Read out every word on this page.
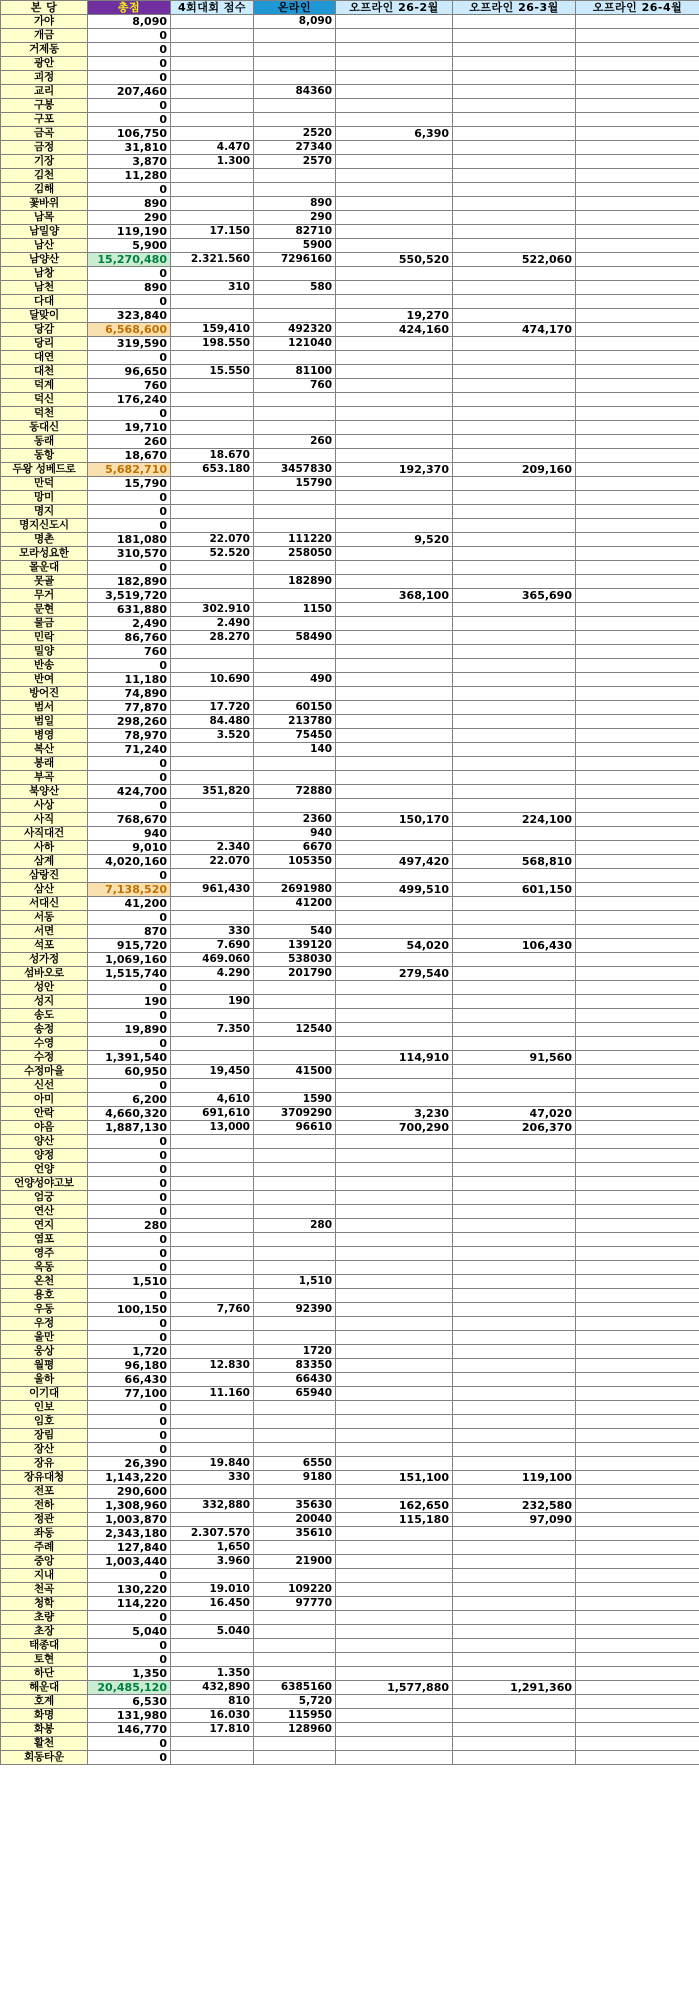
본 당	총점	4회대회 점수	온라인	오프라인 26-2월	오프라인 26-3월	오프라인 26-4월
가야	8,090		8,090			
개금	0					
거제동	0					
광안	0					
괴정	0					
교리	207,460		84360			
구봉	0					
구포	0					
금곡	106,750		2520	6,390		
금정	31,810	4.470	27340			
기장	3,870	1.300	2570			
김천	11,280					
김해	0					
꽃바위	890		890			
남목	290		290			
남밀양	119,190	17.150	82710			
남산	5,900		5900			
남양산	15,270,480	2.321.560	7296160	550,520	522,060	
남창	0					
남천	890	310	580			
다대	0					
달맞이	323,840			19,270		
당감	6,568,600	159,410	492320	424,160	474,170	
당리	319,590	198.550	121040			
대연	0					
대천	96,650	15.550	81100			
덕계	760		760			
덕신	176,240					
덕천	0					
동대신	19,710					
동래	260		260			
동항	18,670	18.670				
두왕 성베드로	5,682,710	653.180	3457830	192,370	209,160	
만덕	15,790		15790			
망미	0					
명지	0					
명지신도시	0					
명촌	181,080	22.070	111220	9,520		
모라성요한	310,570	52.520	258050			
몰운대	0					
못골	182,890		182890			
무거	3,519,720			368,100	365,690	
문현	631,880	302.910	1150			
물금	2,490	2.490				
민락	86,760	28.270	58490			
밀양	760					
반송	0					
반여	11,180	10.690	490			
방어진	74,890					
범서	77,870	17.720	60150			
범일	298,260	84.480	213780			
병영	78,970	3.520	75450			
복산	71,240		140			
봉래	0					
부곡	0					
북양산	424,700	351,820	72880			
사상	0					
사직	768,670		2360	150,170	224,100	
사직대건	940		940			
사하	9,010	2.340	6670			
삼계	4,020,160	22.070	105350	497,420	568,810	
삼랑진	0					
삼산	7,138,520	961,430	2691980	499,510	601,150	
서대신	41,200		41200			
서동	0					
서면	870	330	540			
석포	915,720	7.690	139120	54,020	106,430	
성가정	1,069,160	469.060	538030			
섬바오로	1,515,740	4.290	201790	279,540		
성안	0					
성지	190	190				
송도	0					
송정	19,890	7.350	12540			
수영	0					
수정	1,391,540			114,910	91,560	
수정마을	60,950	19,450	41500			
신선	0					
아미	6,200	4,610	1590			
안락	4,660,320	691,610	3709290	3,230	47,020	
야음	1,887,130	13,000	96610	700,290	206,370	
양산	0					
양정	0					
언양	0					
언양성야고보	0					
엄궁	0					
연산	0					
연지	280		280			
염포	0					
영주	0					
옥동	0					
온천	1,510		1,510			
용호	0					
우동	100,150	7,760	92390			
우정	0					
울만	0					
웅상	1,720		1720			
월평	96,180	12.830	83350			
울하	66,430		66430			
이기대	77,100	11.160	65940			
인보	0					
임호	0					
장림	0					
장산	0					
장유	26,390	19.840	6550			
장유대청	1,143,220	330	9180	151,100	119,100	
전포	290,600					
전하	1,308,960	332,880	35630	162,650	232,580	
정관	1,003,870		20040	115,180	97,090	
좌동	2,343,180	2.307.570	35610			
주례	127,840	1,650				
중앙	1,003,440	3.960	21900			
지내	0					
천곡	130,220	19.010	109220			
청학	114,220	16.450	97770			
초량	0					
초장	5,040	5.040				
태종대	0					
토현	0					
하단	1,350	1.350				
해운대	20,485,120	432,890	6385160	1,577,880	1,291,360	
호계	6,530	810	5,720			
화명	131,980	16.030	115950			
화봉	146,770	17.810	128960			
활천	0					
회동타운	0					
